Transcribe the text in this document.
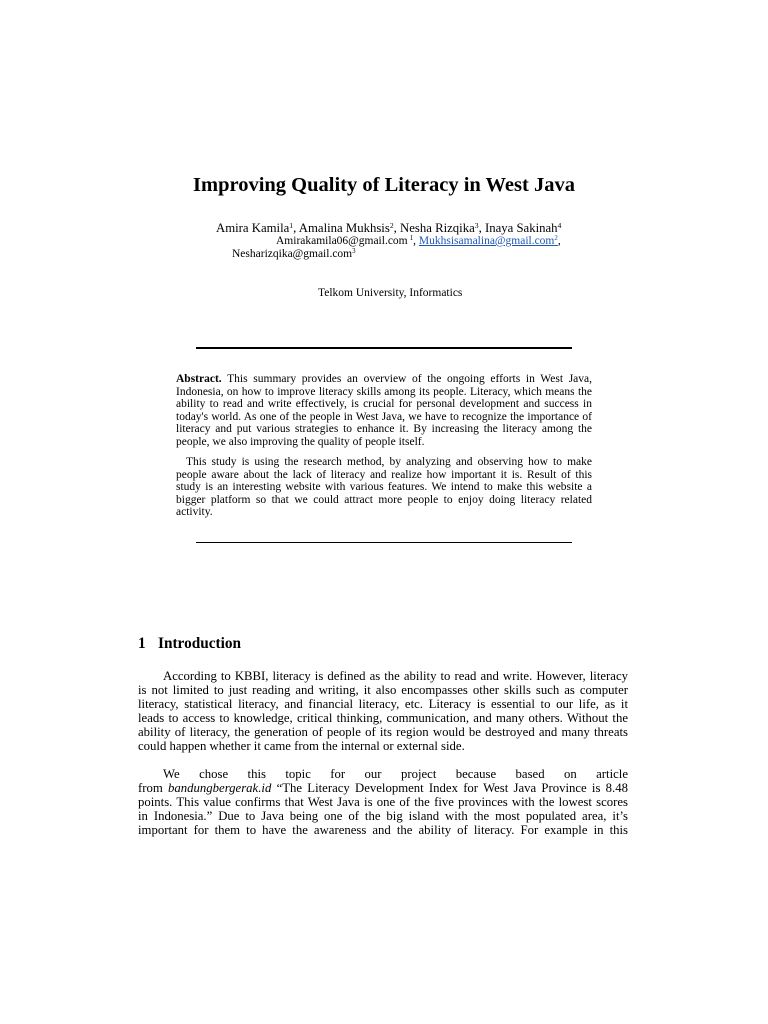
Improving Quality of Literacy in West Java
Amira Kamila$^1$, Amalina Mukhsis$^2$, Nesha Rizqika$^3$, Inaya Sakinah$^4$
Amirakamila06@gmail.com $^1$, Mukhsisamalina@gmail.com$^2$,
Nesharizqika@gmail.com$^3$
Telkom University, Informatics
Abstract. This summary provides an overview of the ongoing efforts in West Java,
Indonesia, on how to improve literacy skills among its people. Literacy, which means the
ability to read and write effectively, is crucial for personal development and success in
today's world. As one of the people in West Java, we have to recognize the importance of
literacy and put various strategies to enhance it. By increasing the literacy among the
people, we also improving the quality of people itself.
This study is using the research method, by analyzing and observing how to make
people aware about the lack of literacy and realize how important it is. Result of this
study is an interesting website with various features. We intend to make this website a
bigger platform so that we could attract more people to enjoy doing literacy related
activity.
1 Introduction
According to KBBI, literacy is defined as the ability to read and write. However, literacy
is not limited to just reading and writing, it also encompasses other skills such as computer
literacy, statistical literacy, and financial literacy, etc. Literacy is essential to our life, as it
leads to access to knowledge, critical thinking, communication, and many others. Without the
ability of literacy, the generation of people of its region would be destroyed and many threats
could happen whether it came from the internal or external side.
We chose this topic for our project because based on article
from bandungbergerak.id “The Literacy Development Index for West Java Province is 8.48
points. This value confirms that West Java is one of the five provinces with the lowest scores
in Indonesia.” Due to Java being one of the big island with the most populated area, it’s
important for them to have the awareness and the ability of literacy. For example in this
